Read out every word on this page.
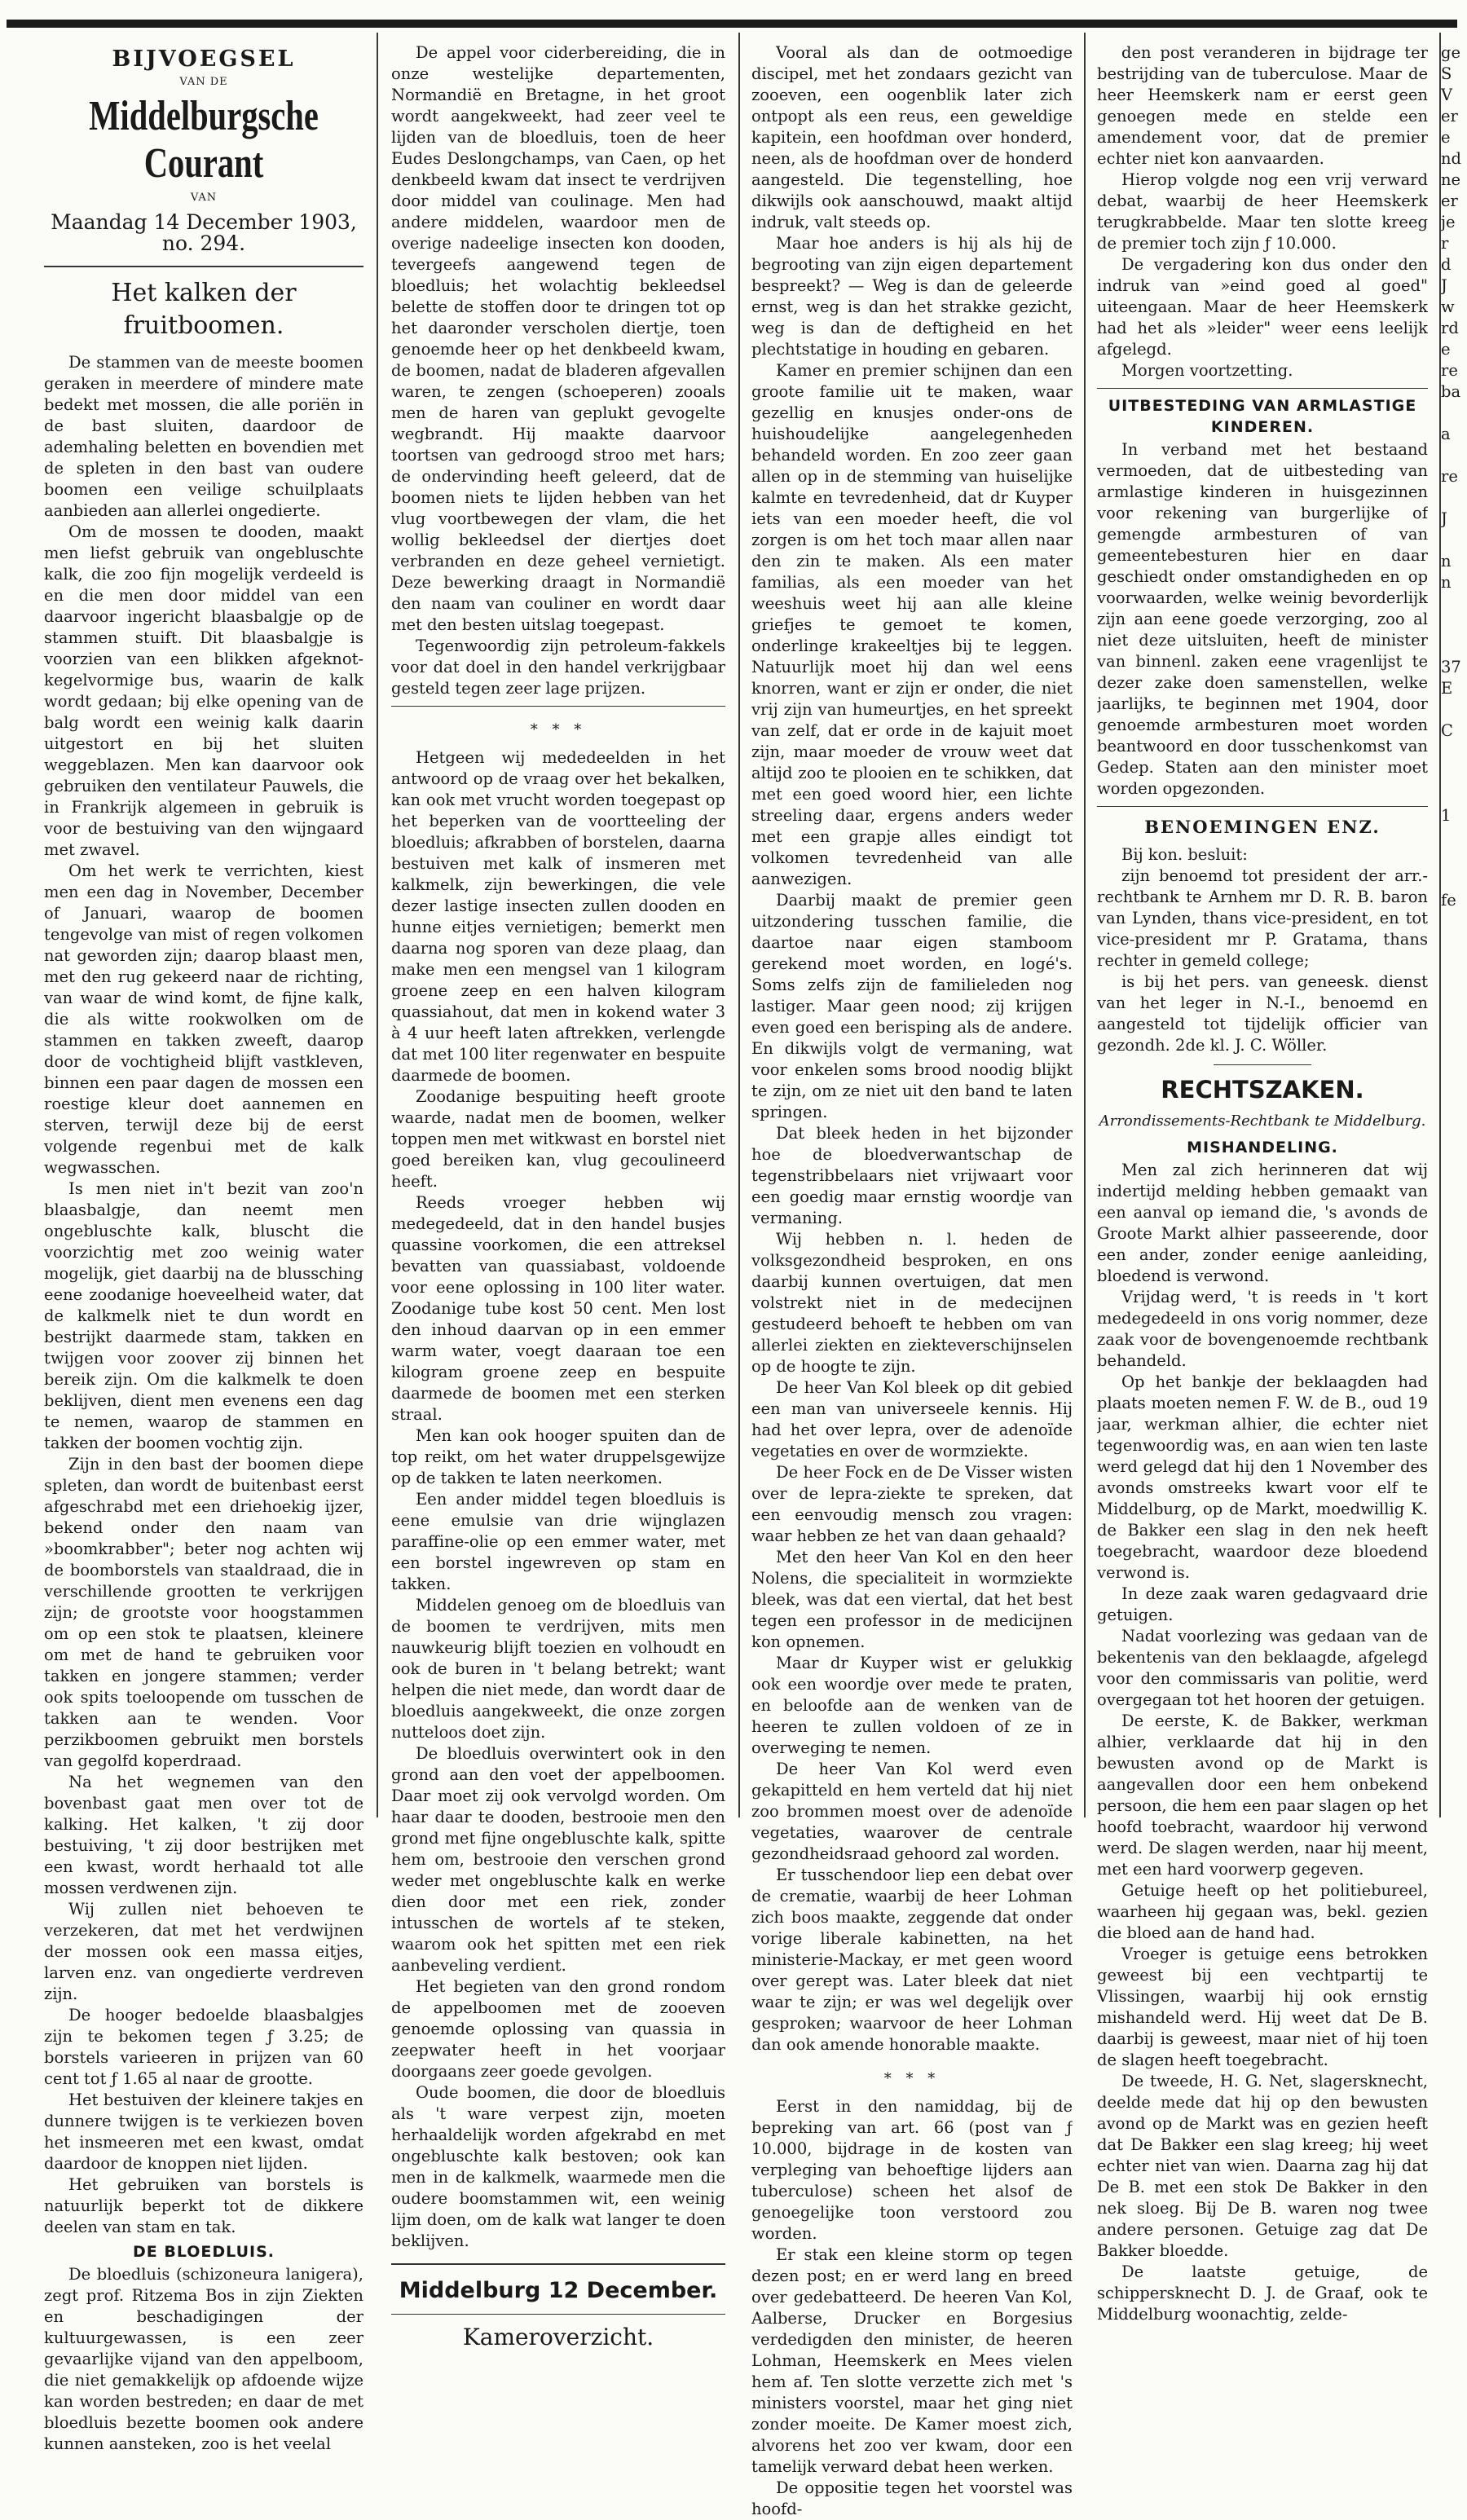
BIJVOEGSEL
VAN DE
Middelburgsche Courant
VAN
Maandag 14 December 1903, no. 294.
Het kalken der fruitboomen.

De stammen van de meeste boomen geraken in meerdere of mindere mate bedekt met mossen, die alle poriën in de bast sluiten, daardoor de ademhaling beletten en bovendien met de spleten in den bast van oudere boomen een veilige schuilplaats aanbieden aan allerlei ongedierte.

Om de mossen te dooden, maakt men liefst gebruik van ongebluschte kalk, die zoo fijn mogelijk verdeeld is en die men door middel van een daarvoor ingericht blaasbalgje op de stammen stuift. Dit blaasbalgje is voorzien van een blikken afgeknot-kegelvormige bus, waarin de kalk wordt gedaan; bij elke opening van de balg wordt een weinig kalk daarin uitgestort en bij het sluiten weggeblazen. Men kan daarvoor ook gebruiken den ventilateur Pauwels, die in Frankrijk algemeen in gebruik is voor de bestuiving van den wijngaard met zwavel.

Om het werk te verrichten, kiest men een dag in November, December of Januari, waarop de boomen tengevolge van mist of regen volkomen nat geworden zijn; daarop blaast men, met den rug gekeerd naar de richting, van waar de wind komt, de fijne kalk, die als witte rookwolken om de stammen en takken zweeft, daarop door de vochtigheid blijft vastkleven, binnen een paar dagen de mossen een roestige kleur doet aannemen en sterven, terwijl deze bij de eerst volgende regenbui met de kalk wegwasschen.

Is men niet in't bezit van zoo'n blaasbalgje, dan neemt men ongebluschte kalk, bluscht die voorzichtig met zoo weinig water mogelijk, giet daarbij na de blussching eene zoodanige hoeveelheid water, dat de kalkmelk niet te dun wordt en bestrijkt daarmede stam, takken en twijgen voor zoover zij binnen het bereik zijn. Om die kalkmelk te doen beklijven, dient men evenens een dag te nemen, waarop de stammen en takken der boomen vochtig zijn.

Zijn in den bast der boomen diepe spleten, dan wordt de buitenbast eerst afgeschrabd met een driehoekig ijzer, bekend onder den naam van »boomkrabber"; beter nog achten wij de boomborstels van staaldraad, die in verschillende grootten te verkrijgen zijn; de grootste voor hoogstammen om op een stok te plaatsen, kleinere om met de hand te gebruiken voor takken en jongere stammen; verder ook spits toeloopende om tusschen de takken aan te wenden. Voor perzikboomen gebruikt men borstels van gegolfd koperdraad.

Na het wegnemen van den bovenbast gaat men over tot de kalking. Het kalken, 't zij door bestuiving, 't zij door bestrijken met een kwast, wordt herhaald tot alle mossen verdwenen zijn.

Wij zullen niet behoeven te verzekeren, dat met het verdwijnen der mossen ook een massa eitjes, larven enz. van ongedierte verdreven zijn.

De hooger bedoelde blaasbalgjes zijn te bekomen tegen ƒ 3.25; de borstels varieeren in prijzen van 60 cent tot ƒ 1.65 al naar de grootte.

Het bestuiven der kleinere takjes en dunnere twijgen is te verkiezen boven het insmeeren met een kwast, omdat daardoor de knoppen niet lijden.

Het gebruiken van borstels is natuurlijk beperkt tot de dikkere deelen van stam en tak.

DE BLOEDLUIS.

De bloedluis (schizoneura lanigera), zegt prof. Ritzema Bos in zijn Ziekten en beschadigingen der kultuurgewassen, is een zeer gevaarlijke vijand van den appelboom, die niet gemakkelijk op afdoende wijze kan worden bestreden; en daar de met bloedluis bezette boomen ook andere kunnen aansteken, zoo is het veelal

De appel voor ciderbereiding, die in onze westelijke departementen, Normandië en Bretagne, in het groot wordt aangekweekt, had zeer veel te lijden van de bloedluis, toen de heer Eudes Deslongchamps, van Caen, op het denkbeeld kwam dat insect te verdrijven door middel van coulinage. Men had andere middelen, waardoor men de overige nadeelige insecten kon dooden, tevergeefs aangewend tegen de bloedluis; het wolachtig bekleedsel belette de stoffen door te dringen tot op het daaronder verscholen diertje, toen genoemde heer op het denkbeeld kwam, de boomen, nadat de bladeren afgevallen waren, te zengen (schoeperen) zooals men de haren van geplukt gevogelte wegbrandt. Hij maakte daarvoor toortsen van gedroogd stroo met hars; de ondervinding heeft geleerd, dat de boomen niets te lijden hebben van het vlug voortbewegen der vlam, die het wollig bekleedsel der diertjes doet verbranden en deze geheel vernietigt. Deze bewerking draagt in Normandië den naam van couliner en wordt daar met den besten uitslag toegepast.

Tegenwoordig zijn petroleum-fakkels voor dat doel in den handel verkrijgbaar gesteld tegen zeer lage prijzen.

* * *

Hetgeen wij mededeelden in het antwoord op de vraag over het bekalken, kan ook met vrucht worden toegepast op het beperken van de voortteeling der bloedluis; afkrabben of borstelen, daarna bestuiven met kalk of insmeren met kalkmelk, zijn bewerkingen, die vele dezer lastige insecten zullen dooden en hunne eitjes vernietigen; bemerkt men daarna nog sporen van deze plaag, dan make men een mengsel van 1 kilogram groene zeep en een halven kilogram quassiahout, dat men in kokend water 3 à 4 uur heeft laten aftrekken, verlengde dat met 100 liter regenwater en bespuite daarmede de boomen.

Zoodanige bespuiting heeft groote waarde, nadat men de boomen, welker toppen men met witkwast en borstel niet goed bereiken kan, vlug gecoulineerd heeft.

Reeds vroeger hebben wij medegedeeld, dat in den handel busjes quassine voorkomen, die een attreksel bevatten van quassiabast, voldoende voor eene oplossing in 100 liter water. Zoodanige tube kost 50 cent. Men lost den inhoud daarvan op in een emmer warm water, voegt daaraan toe een kilogram groene zeep en bespuite daarmede de boomen met een sterken straal.

Men kan ook hooger spuiten dan de top reikt, om het water druppelsgewijze op de takken te laten neerkomen.

Een ander middel tegen bloedluis is eene emulsie van drie wijnglazen paraffine-olie op een emmer water, met een borstel ingewreven op stam en takken.

Middelen genoeg om de bloedluis van de boomen te verdrijven, mits men nauwkeurig blijft toezien en volhoudt en ook de buren in 't belang betrekt; want helpen die niet mede, dan wordt daar de bloedluis aangekweekt, die onze zorgen nutteloos doet zijn.

De bloedluis overwintert ook in den grond aan den voet der appelboomen. Daar moet zij ook vervolgd worden. Om haar daar te dooden, bestrooie men den grond met fijne ongebluschte kalk, spitte hem om, bestrooie den verschen grond weder met ongebluschte kalk en werke dien door met een riek, zonder intusschen de wortels af te steken, waarom ook het spitten met een riek aanbeveling verdient.

Het begieten van den grond rondom de appelboomen met de zooeven genoemde oplossing van quassia in zeepwater heeft in het voorjaar doorgaans zeer goede gevolgen.

Oude boomen, die door de bloedluis als 't ware verpest zijn, moeten herhaaldelijk worden afgekrabd en met ongebluschte kalk bestoven; ook kan men in de kalkmelk, waarmede men die oudere boomstammen wit, een weinig lijm doen, om de kalk wat langer te doen beklijven.

Middelburg 12 December.
Kameroverzicht.

Vooral als dan de ootmoedige discipel, met het zondaars gezicht van zooeven, een oogenblik later zich ontpopt als een reus, een geweldige kapitein, een hoofdman over honderd, neen, als de hoofdman over de honderd aangesteld. Die tegenstelling, hoe dikwijls ook aanschouwd, maakt altijd indruk, valt steeds op.

Maar hoe anders is hij als hij de begrooting van zijn eigen departement bespreekt? — Weg is dan de geleerde ernst, weg is dan het strakke gezicht, weg is dan de deftigheid en het plechtstatige in houding en gebaren.

Kamer en premier schijnen dan een groote familie uit te maken, waar gezellig en knusjes onder-ons de huishoudelijke aangelegenheden behandeld worden. En zoo zeer gaan allen op in de stemming van huiselijke kalmte en tevredenheid, dat dr Kuyper iets van een moeder heeft, die vol zorgen is om het toch maar allen naar den zin te maken. Als een mater familias, als een moeder van het weeshuis weet hij aan alle kleine griefjes te gemoet te komen, onderlinge krakeeltjes bij te leggen. Natuurlijk moet hij dan wel eens knorren, want er zijn er onder, die niet vrij zijn van humeurtjes, en het spreekt van zelf, dat er orde in de kajuit moet zijn, maar moeder de vrouw weet dat altijd zoo te plooien en te schikken, dat met een goed woord hier, een lichte streeling daar, ergens anders weder met een grapje alles eindigt tot volkomen tevredenheid van alle aanwezigen.

Daarbij maakt de premier geen uitzondering tusschen familie, die daartoe naar eigen stamboom gerekend moet worden, en logé's. Soms zelfs zijn de familieleden nog lastiger. Maar geen nood; zij krijgen even goed een berisping als de andere. En dikwijls volgt de vermaning, wat voor enkelen soms brood noodig blijkt te zijn, om ze niet uit den band te laten springen.

Dat bleek heden in het bijzonder hoe de bloedverwantschap de tegenstribbelaars niet vrijwaart voor een goedig maar ernstig woordje van vermaning.

Wij hebben n. l. heden de volksgezondheid besproken, en ons daarbij kunnen overtuigen, dat men volstrekt niet in de medecijnen gestudeerd behoeft te hebben om van allerlei ziekten en ziekteverschijnselen op de hoogte te zijn.

De heer Van Kol bleek op dit gebied een man van universeele kennis. Hij had het over lepra, over de adenoïde vegetaties en over de wormziekte.

De heer Fock en de De Visser wisten over de lepra-ziekte te spreken, dat een eenvoudig mensch zou vragen: waar hebben ze het van daan gehaald?

Met den heer Van Kol en den heer Nolens, die specialiteit in wormziekte bleek, was dat een viertal, dat het best tegen een professor in de medicijnen kon opnemen.

Maar dr Kuyper wist er gelukkig ook een woordje over mede te praten, en beloofde aan de wenken van de heeren te zullen voldoen of ze in overweging te nemen.

De heer Van Kol werd even gekapitteld en hem verteld dat hij niet zoo brommen moest over de adenoïde vegetaties, waarover de centrale gezondheidsraad gehoord zal worden.

Er tusschendoor liep een debat over de crematie, waarbij de heer Lohman zich boos maakte, zeggende dat onder vorige liberale kabinetten, na het ministerie-Mackay, er met geen woord over gerept was. Later bleek dat niet waar te zijn; er was wel degelijk over gesproken; waarvoor de heer Lohman dan ook amende honorable maakte.

* * *

Eerst in den namiddag, bij de bepreking van art. 66 (post van ƒ 10.000, bijdrage in de kosten van verpleging van behoeftige lijders aan tuberculose) scheen het alsof de genoegelijke toon verstoord zou worden.

Er stak een kleine storm op tegen dezen post; en er werd lang en breed over gedebatteerd. De heeren Van Kol, Aalberse, Drucker en Borgesius verdedigden den minister, de heeren Lohman, Heemskerk en Mees vielen hem af. Ten slotte verzette zich met 's ministers voorstel, maar het ging niet zonder moeite. De Kamer moest zich, alvorens het zoo ver kwam, door een tamelijk verward debat heen werken.

De oppositie tegen het voorstel was hoofd-

den post veranderen in bijdrage ter bestrijding van de tuberculose. Maar de heer Heemskerk nam er eerst geen genoegen mede en stelde een amendement voor, dat de premier echter niet kon aanvaarden.

Hierop volgde nog een vrij verward debat, waarbij de heer Heemskerk terugkrabbelde. Maar ten slotte kreeg de premier toch zijn ƒ 10.000.

De vergadering kon dus onder den indruk van »eind goed al goed" uiteengaan. Maar de heer Heemskerk had het als »leider" weer eens leelijk afgelegd.

Morgen voortzetting.

UITBESTEDING VAN ARMLASTIGE KINDEREN.

In verband met het bestaand vermoeden, dat de uitbesteding van armlastige kinderen in huisgezinnen voor rekening van burgerlijke of gemengde armbesturen of van gemeentebesturen hier en daar geschiedt onder omstandigheden en op voorwaarden, welke weinig bevorderlijk zijn aan eene goede verzorging, zoo al niet deze uitsluiten, heeft de minister van binnenl. zaken eene vragenlijst te dezer zake doen samenstellen, welke jaarlijks, te beginnen met 1904, door genoemde armbesturen moet worden beantwoord en door tusschenkomst van Gedep. Staten aan den minister moet worden opgezonden.

BENOEMINGEN ENZ.

Bij kon. besluit:

zijn benoemd tot president der arr.-rechtbank te Arnhem mr D. R. B. baron van Lynden, thans vice-president, en tot vice-president mr P. Gratama, thans rechter in gemeld college;

is bij het pers. van geneesk. dienst van het leger in N.-I., benoemd en aangesteld tot tijdelijk officier van gezondh. 2de kl. J. C. Wöller.

RECHTSZAKEN.
Arrondissements-Rechtbank te Middelburg.
MISHANDELING.

Men zal zich herinneren dat wij indertijd melding hebben gemaakt van een aanval op iemand die, 's avonds de Groote Markt alhier passeerende, door een ander, zonder eenige aanleiding, bloedend is verwond.

Vrijdag werd, 't is reeds in 't kort medegedeeld in ons vorig nommer, deze zaak voor de bovengenoemde rechtbank behandeld.

Op het bankje der beklaagden had plaats moeten nemen F. W. de B., oud 19 jaar, werkman alhier, die echter niet tegenwoordig was, en aan wien ten laste werd gelegd dat hij den 1 November des avonds omstreeks kwart voor elf te Middelburg, op de Markt, moedwillig K. de Bakker een slag in den nek heeft toegebracht, waardoor deze bloedend verwond is.

In deze zaak waren gedagvaard drie getuigen.

Nadat voorlezing was gedaan van de bekentenis van den beklaagde, afgelegd voor den commissaris van politie, werd overgegaan tot het hooren der getuigen.

De eerste, K. de Bakker, werkman alhier, verklaarde dat hij in den bewusten avond op de Markt is aangevallen door een hem onbekend persoon, die hem een paar slagen op het hoofd toebracht, waardoor hij verwond werd. De slagen werden, naar hij meent, met een hard voorwerp gegeven.

Getuige heeft op het politiebureel, waarheen hij gegaan was, bekl. gezien die bloed aan de hand had.

Vroeger is getuige eens betrokken geweest bij een vechtpartij te Vlissingen, waarbij hij ook ernstig mishandeld werd. Hij weet dat De B. daarbij is geweest, maar niet of hij toen de slagen heeft toegebracht.

De tweede, H. G. Net, slagersknecht, deelde mede dat hij op den bewusten avond op de Markt was en gezien heeft dat De Bakker een slag kreeg; hij weet echter niet van wien. Daarna zag hij dat De B. met een stok De Bakker in den nek sloeg. Bij De B. waren nog twee andere personen. Getuige zag dat De Bakker bloedde.

De laatste getuige, de schippersknecht D. J. de Graaf, ook te Middelburg woonachtig, zelde-

ge
S
V
er
e
nd
ne
er
je
r
d
J
w
rd
e
re
ba
a
re
J
n
n
37
E
C
1
fe
